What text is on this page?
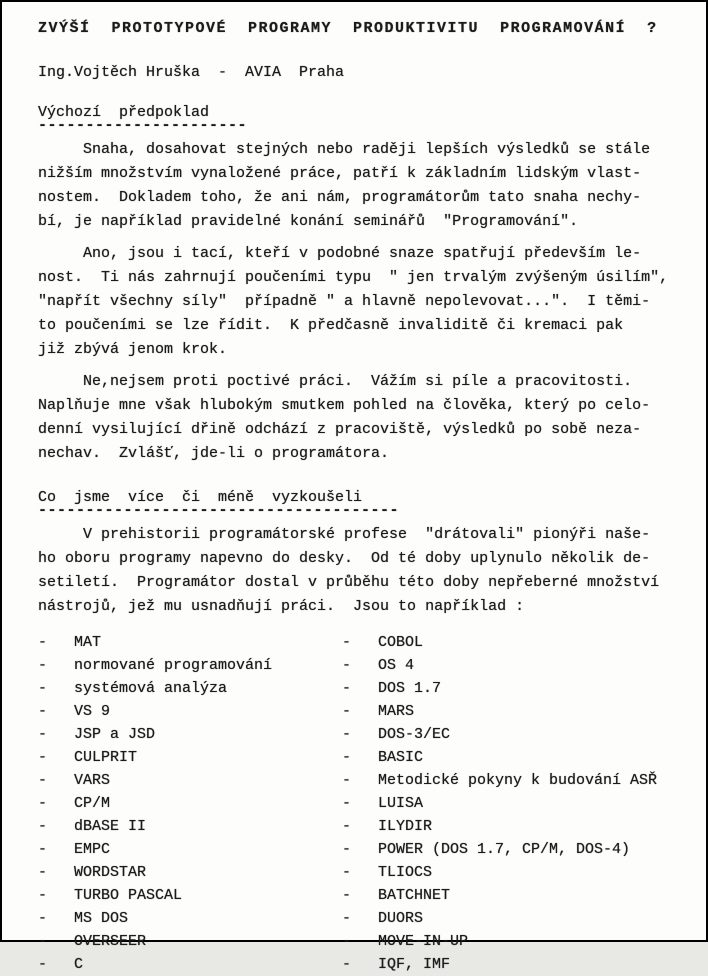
ZVÝŠÍ  PROTOTYPOVÉ  PROGRAMY  PRODUKTIVITU  PROGRAMOVÁNÍ  ?
Ing.Vojtěch Hruška  -  AVIA  Praha
Výchozí  předpoklad
----------------------
Snaha, dosahovat stejných nebo raději lepších výsledků se stále
nižším množstvím vynaložené práce, patří k základním lidským vlast-
nostem.  Dokladem toho, že ani nám, programátorům tato snaha nechy-
bí, je například pravidelné konání seminářů  "Programování".
Ano, jsou i tací, kteří v podobné snaze spatřují především le-
nost.  Ti nás zahrnují poučeními typu  " jen trvalým zvýšeným úsilím",
"napřít všechny síly"  případně " a hlavně nepolevovat...".  I těmi-
to poučeními se lze řídit.  K předčasně invaliditě či kremaci pak
již zbývá jenom krok.
Ne,nejsem proti poctivé práci.  Vážím si píle a pracovitosti.
Naplňuje mne však hlubokým smutkem pohled na člověka, který po celo-
denní vysilující dřině odchází z pracoviště, výsledků po sobě neza-
nechav.  Zvlášť, jde-li o programátora.
Co  jsme  více  či  méně  vyzkoušeli
--------------------------------------
V prehistorii programátorské profese  "drátovali" pionýři naše-
ho oboru programy napevno do desky.  Od té doby uplynulo několik de-
setiletí.  Programátor dostal v průběhu této doby nepřeberné množství
nástrojů, jež mu usnadňují práci.  Jsou to například :
-   MAT
-   normované programování
-   systémová analýza
-   VS 9
-   JSP a JSD
-   CULPRIT
-   VARS
-   CP/M
-   dBASE II
-   EMPC
-   WORDSTAR
-   TURBO PASCAL
-   MS DOS
-   OVERSEER
-   C
-   COBOL
-   OS 4
-   DOS 1.7
-   MARS
-   DOS-3/EC
-   BASIC
-   Metodické pokyny k budování ASŘ
-   LUISA
-   ILYDIR
-   POWER (DOS 1.7, CP/M, DOS-4)
-   TLIOCS
-   BATCHNET
-   DUORS
-   MOVE-IN-UP
-   IQF, IMF
